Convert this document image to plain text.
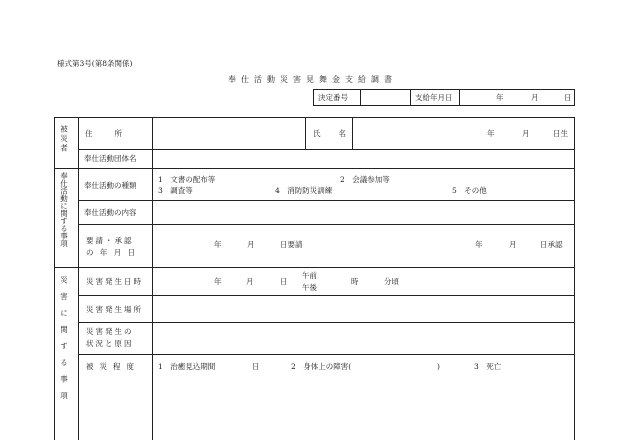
様式第3号(第8条関係)
奉仕活動災害見舞金支給調書
決定番号	支給年月日	年	月	日
被災者 住所	氏名	年	月	日生
奉仕活動団体名
奉仕活動に関する事項 奉仕活動の種類
1　文書の配布等	2　会議参加等
3　調査等	4　消防防災訓練	5　その他
奉仕活動の内容
要請・承認
の 年 月 日
年	月	日要請	年	月	日承認
災害に関する事項 災害発生日時	年	月	日
午前
午後
時	分頃
災害発生場所
災害発生の
状況と原因
被災程度 1　治癒見込期間	日	2　身体上の障害(	)	3　死亡
